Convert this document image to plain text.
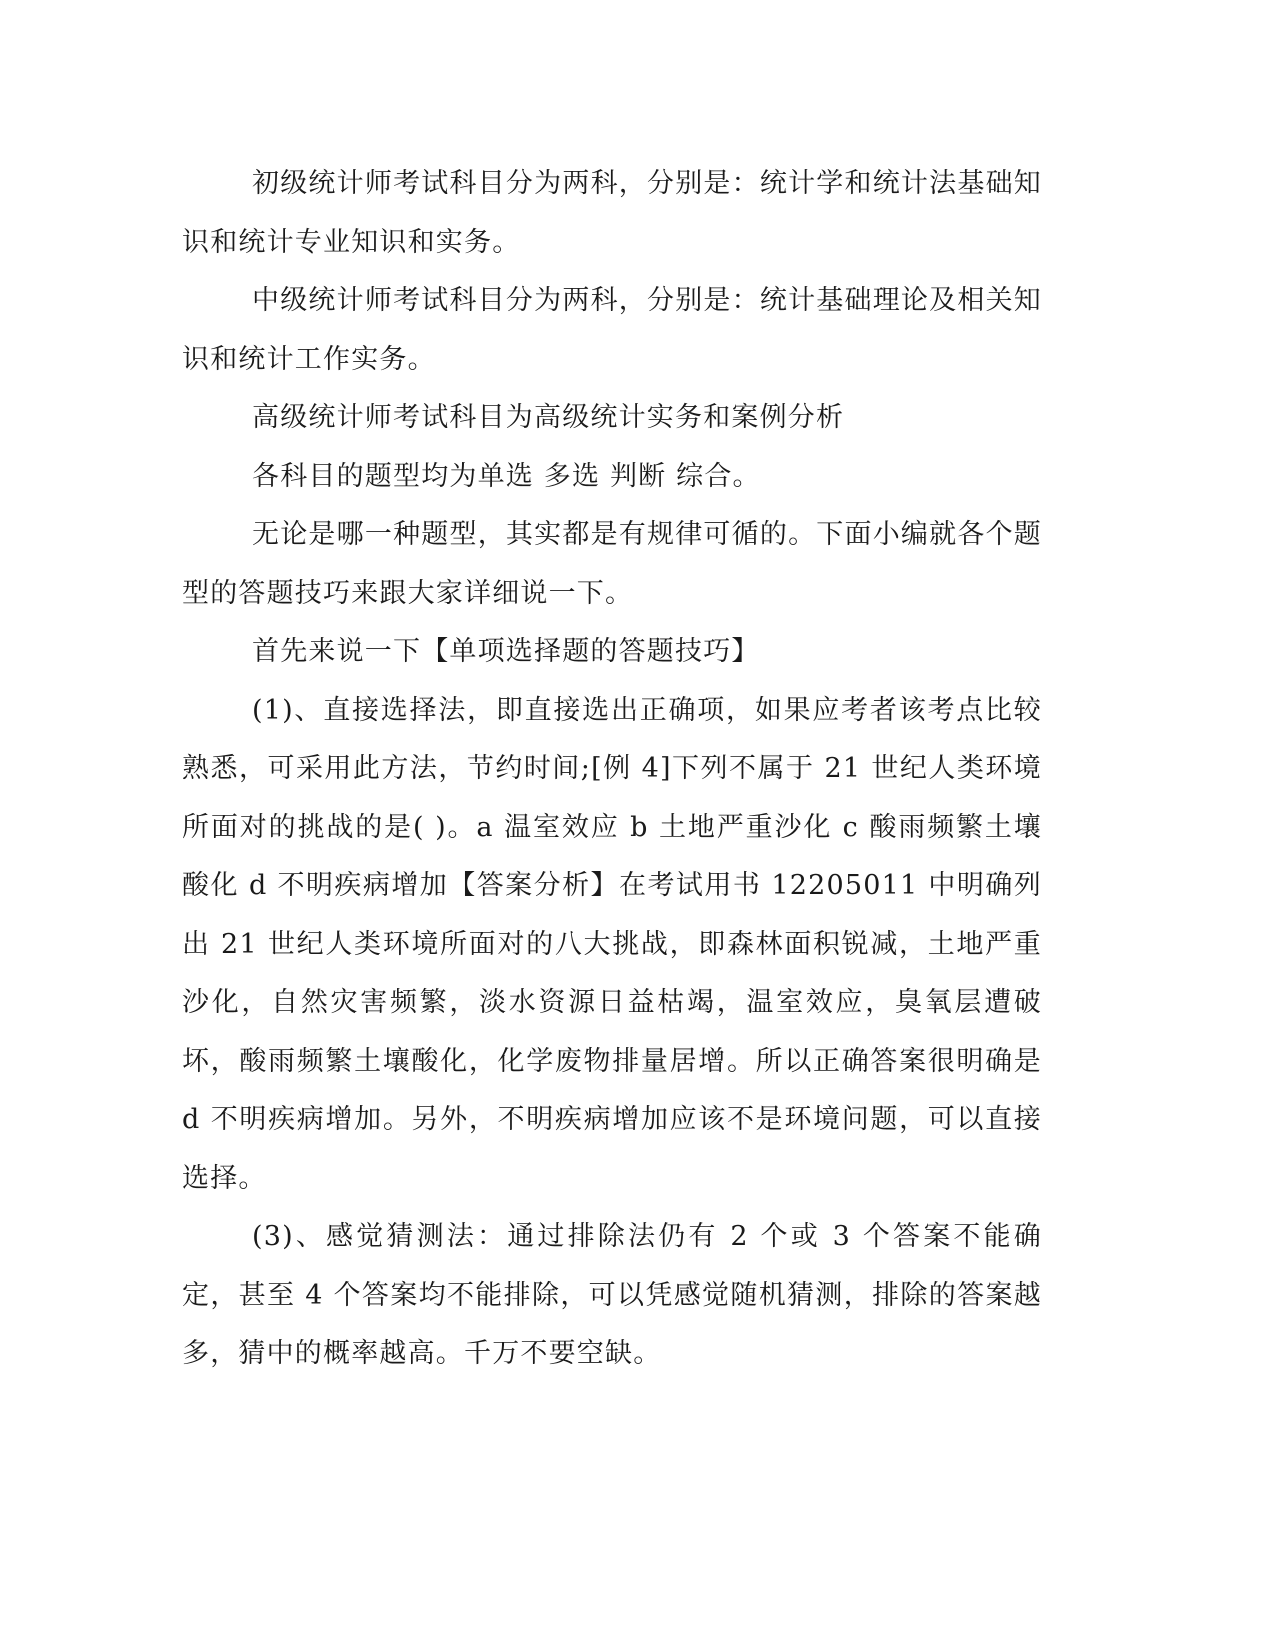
初级统计师考试科目分为两科，分别是：统计学和统计法基础知识和统计专业知识和实务。

中级统计师考试科目分为两科，分别是：统计基础理论及相关知识和统计工作实务。

高级统计师考试科目为高级统计实务和案例分析

各科目的题型均为单选 多选 判断 综合。

无论是哪一种题型，其实都是有规律可循的。下面小编就各个题型的答题技巧来跟大家详细说一下。

首先来说一下【单项选择题的答题技巧】

(1)、直接选择法，即直接选出正确项，如果应考者该考点比较熟悉，可采用此方法，节约时间;[例 4]下列不属于 21 世纪人类环境所面对的挑战的是( )。a 温室效应 b 土地严重沙化 c 酸雨频繁土壤酸化 d 不明疾病增加【答案分析】在考试用书 12205011 中明确列出 21 世纪人类环境所面对的八大挑战，即森林面积锐减，土地严重沙化，自然灾害频繁，淡水资源日益枯竭，温室效应，臭氧层遭破坏，酸雨频繁土壤酸化，化学废物排量居增。所以正确答案很明确是 d 不明疾病增加。另外，不明疾病增加应该不是环境问题，可以直接选择。

(3)、感觉猜测法：通过排除法仍有 2 个或 3 个答案不能确定，甚至 4 个答案均不能排除，可以凭感觉随机猜测，排除的答案越多，猜中的概率越高。千万不要空缺。
